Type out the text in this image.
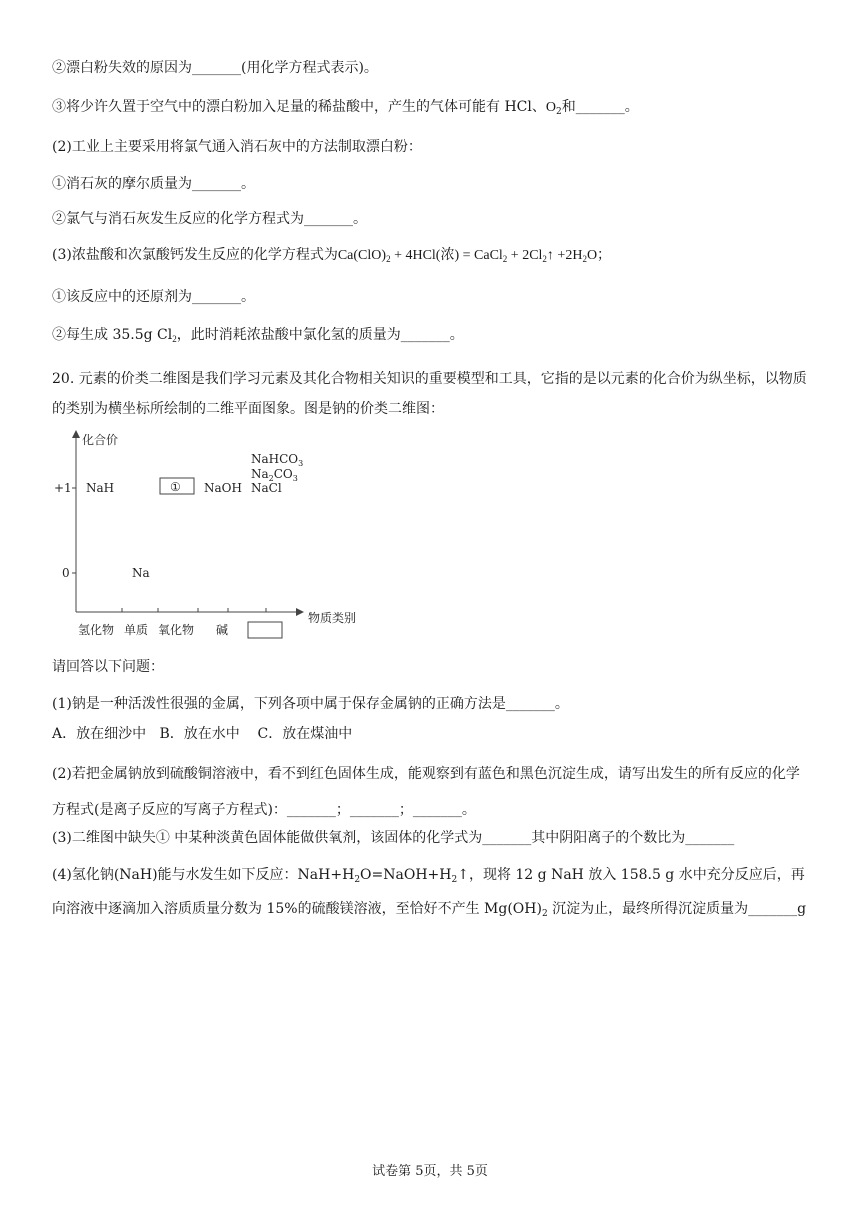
②漂白粉失效的原因为_______(用化学方程式表示)。
③将少许久置于空气中的漂白粉加入足量的稀盐酸中，产生的气体可能有 HCl、$O_2$和_______。
(2)工业上主要采用将氯气通入消石灰中的方法制取漂白粉：
①消石灰的摩尔质量为_______。
②氯气与消石灰发生反应的化学方程式为_______。
(3)浓盐酸和次氯酸钙发生反应的化学方程式为$Ca(ClO)_2 + 4HCl$(浓) = CaCl$_2$ + $2Cl_2↑ +2H_2O$；
①该反应中的还原剂为_______。
②每生成 35.5g $Cl_2$，此时消耗浓盐酸中氯化氢的质量为_______。
20. 元素的价类二维图是我们学习元素及其化合物相关知识的重要模型和工具，它指的是以元素的化合价为纵坐标，以物质的类别为横坐标所绘制的二维平面图象。图是钠的价类二维图：
化合价
物质类别
+1
0
氢化物 单质 氧化物 碱
NaH	① NaOH
NaHCO$_3$
$Na_2CO_3$
NaCl
Na
请回答以下问题：
(1)钠是一种活泼性很强的金属，下列各项中属于保存金属钠的正确方法是_______。
A．放在细沙中   B．放在水中    C．放在煤油中
(2)若把金属钠放到硫酸铜溶液中，看不到红色固体生成，能观察到有蓝色和黑色沉淀生成，请写出发生的所有反应的化学方程式(是离子反应的写离子方程式)：_______；_______；_______。
(3)二维图中缺失① 中某种淡黄色固体能做供氧剂，该固体的化学式为_______其中阴阳离子的个数比为_______
(4)氢化钠(NaH)能与水发生如下反应：$NaH+H_2O=NaOH+H_2↑$，现将 12 g NaH 放入 158.5 g 水中充分反应后，再向溶液中逐滴加入溶质质量分数为 15%的硫酸镁溶液，至恰好不产生 $Mg(OH)_2$ 沉淀为止，最终所得沉淀质量为_______g
试卷第 5页，共 5页
